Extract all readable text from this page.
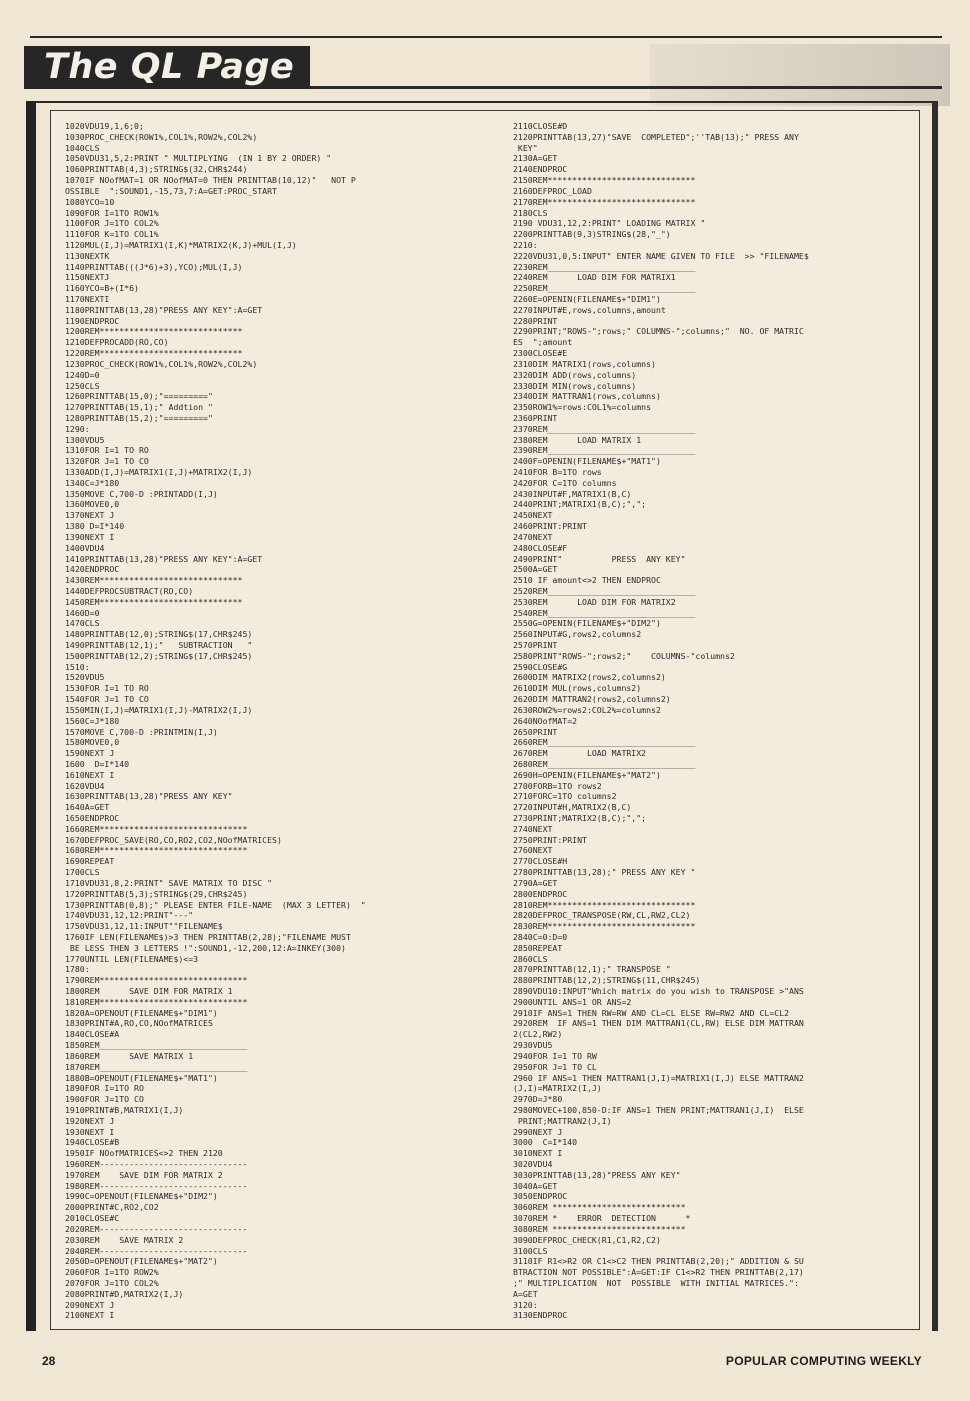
The QL Page
1020VDU19,1,6;0;
1030PROC_CHECK(ROW1%,COL1%,ROW2%,COL2%)
1040CLS
1050VDU31,5,2:PRINT " MULTIPLYING  (IN 1 BY 2 ORDER) "
1060PRINTTAB(4,3);STRING$(32,CHR$244)
1070IF NOofMAT=1 OR NOofMAT=0 THEN PRINTTAB(10,12)"   NOT P
OSSIBLE  ":SOUND1,-15,73,7:A=GET:PROC_START
1080YCO=10
1090FOR I=1TO ROW1%
1100FOR J=1TO COL2%
1110FOR K=1TO COL1%
1120MUL(I,J)=MATRIX1(I,K)*MATRIX2(K,J)+MUL(I,J)
1130NEXTK
1140PRINTTAB(((J*6)+3),YCO);MUL(I,J)
1150NEXTJ
1160YCO=B+(I*6)
1170NEXTI
1180PRINTTAB(13,28)"PRESS ANY KEY":A=GET
1190ENDPROC
1200REM*****************************
1210DEFPROCADD(RO,CO)
1220REM*****************************
1230PROC_CHECK(ROW1%,COL1%,ROW2%,COL2%)
1240D=0
1250CLS
1260PRINTTAB(15,0);"========="
1270PRINTTAB(15,1);" Addtion "
1280PRINTTAB(15,2);"========="
1290:
1300VDU5
1310FOR I=1 TO RO
1320FOR J=1 TO CO
1330ADD(I,J)=MATRIX1(I,J)+MATRIX2(I,J)
1340C=J*180
1350MOVE C,700-D :PRINTADD(I,J)
1360MOVE0,0
1370NEXT J
1380 D=I*140
1390NEXT I
1400VDU4
1410PRINTTAB(13,28)"PRESS ANY KEY":A=GET
1420ENDPROC
1430REM*****************************
1440DEFPROCSUBTRACT(RO,CO)
1450REM*****************************
1460D=0
1470CLS
1480PRINTTAB(12,0);STRING$(17,CHR$245)
1490PRINTTAB(12,1);"   SUBTRACTION   "
1500PRINTTAB(12,2);STRING$(17,CHR$245)
1510:
1520VDU5
1530FOR I=1 TO RO
1540FOR J=1 TO CO
1550MIN(I,J)=MATRIX1(I,J)-MATRIX2(I,J)
1560C=J*180
1570MOVE C,700-D :PRINTMIN(I,J)
1580MOVE0,0
1590NEXT J
1600  D=I*140
1610NEXT I
1620VDU4
1630PRINTTAB(13,28)"PRESS ANY KEY"
1640A=GET
1650ENDPROC
1660REM******************************
1670DEFPROC_SAVE(RO,CO,RO2,CO2,NOofMATRICES)
1680REM******************************
1690REPEAT
1700CLS
1710VDU31,8,2:PRINT" SAVE MATRIX TO DISC "
1720PRINTTAB(5,3);STRING$(29,CHR$245)
1730PRINTTAB(0,8);" PLEASE ENTER FILE-NAME  (MAX 3 LETTER)  "
1740VDU31,12,12:PRINT"---"
1750VDU31,12,11:INPUT""FILENAME$
1760IF LEN(FILENAME$)>3 THEN PRINTTAB(2,28);"FILENAME MUST
BE LESS THEN 3 LETTERS !":SOUND1,-12,200,12:A=INKEY(300)
1770UNTIL LEN(FILENAME$)<=3
1780:
1790REM******************************
1800REM      SAVE DIM FOR MATRIX 1
1810REM******************************
1820A=OPENOUT(FILENAME$+"DIM1")
1830PRINT#A,RO,CO,NOofMATRICES
1840CLOSE#A
1850REM______________________________
1860REM      SAVE MATRIX 1
1870REM______________________________
1880B=OPENOUT(FILENAME$+"MAT1")
1890FOR I=1TO RO
1900FOR J=1TO CO
1910PRINT#B,MATRIX1(I,J)
1920NEXT J
1930NEXT I
1940CLOSE#B
1950IF NOofMATRICES<>2 THEN 2120
1960REM------------------------------
1970REM    SAVE DIM FOR MATRIX 2
1980REM------------------------------
1990C=OPENOUT(FILENAME$+"DIM2")
2000PRINT#C,RO2,CO2
2010CLOSE#C
2020REM------------------------------
2030REM    SAVE MATRIX 2
2040REM------------------------------
2050D=OPENOUT(FILENAME$+"MAT2")
2060FOR I=1TO ROW2%
2070FOR J=1TO COL2%
2080PRINT#D,MATRIX2(I,J)
2090NEXT J
2100NEXT I
2110CLOSE#D
2120PRINTTAB(13,27)"SAVE  COMPLETED";''TAB(13);" PRESS ANY
KEY"
2130A=GET
2140ENDPROC
2150REM******************************
2160DEFPROC_LOAD
2170REM******************************
2180CLS
2190 VDU31,12,2:PRINT" LOADING MATRIX "
2200PRINTTAB(9,3)STRING$(28,"_")
2210:
2220VDU31,0,5:INPUT" ENTER NAME GIVEN TO FILE  >> "FILENAME$
2230REM______________________________
2240REM      LOAD DIM FOR MATRIX1
2250REM______________________________
2260E=OPENIN(FILENAME$+"DIM1")
2270INPUT#E,rows,columns,amount
2280PRINT
2290PRINT;"ROWS-";rows;" COLUMNS-";columns;"  NO. OF MATRIC
ES  ";amount
2300CLOSE#E
2310DIM MATRIX1(rows,columns)
2320DIM ADD(rows,columns)
2330DIM MIN(rows,columns)
2340DIM MATTRAN1(rows,columns)
2350ROW1%=rows:COL1%=columns
2360PRINT
2370REM______________________________
2380REM      LOAD MATRIX 1
2390REM______________________________
2400F=OPENIN(FILENAME$+"MAT1")
2410FOR B=1TO rows
2420FOR C=1TO columns
2430INPUT#F,MATRIX1(B,C)
2440PRINT;MATRIX1(B,C);",";
2450NEXT
2460PRINT:PRINT
2470NEXT
2480CLOSE#F
2490PRINT"          PRESS  ANY KEY"
2500A=GET
2510 IF amount<>2 THEN ENDPROC
2520REM______________________________
2530REM      LOAD DIM FOR MATRIX2
2540REM______________________________
2550G=OPENIN(FILENAME$+"DIM2")
2560INPUT#G,rows2,columns2
2570PRINT
2580PRINT"ROWS-";rows2;"    COLUMNS-"columns2
2590CLOSE#G
2600DIM MATRIX2(rows2,columns2)
2610DIM MUL(rows,columns2)
2620DIM MATTRAN2(rows2,columns2)
2630ROW2%=rows2:COL2%=columns2
2640NOofMAT=2
2650PRINT
2660REM______________________________
2670REM        LOAD MATRIX2
2680REM______________________________
2690H=OPENIN(FILENAME$+"MAT2")
2700FORB=1TO rows2
2710FORC=1TO columns2
2720INPUT#H,MATRIX2(B,C)
2730PRINT;MATRIX2(B,C);",";
2740NEXT
2750PRINT:PRINT
2760NEXT
2770CLOSE#H
2780PRINTTAB(13,28);" PRESS ANY KEY "
2790A=GET
2800ENDPROC
2810REM******************************
2820DEFPROC_TRANSPOSE(RW,CL,RW2,CL2)
2830REM******************************
2840C=0:D=0
2850REPEAT
2860CLS
2870PRINTTAB(12,1);" TRANSPOSE "
2880PRINTTAB(12,2);STRING$(11,CHR$245)
2890VDU10:INPUT"Which matrix do you wish to TRANSPOSE >"ANS
2900UNTIL ANS=1 OR ANS=2
2910IF ANS=1 THEN RW=RW AND CL=CL ELSE RW=RW2 AND CL=CL2
2920REM  IF ANS=1 THEN DIM MATTRAN1(CL,RW) ELSE DIM MATTRAN
2(CL2,RW2)
2930VDU5
2940FOR I=1 TO RW
2950FOR J=1 TO CL
2960 IF ANS=1 THEN MATTRAN1(J,I)=MATRIX1(I,J) ELSE MATTRAN2
(J,I)=MATRIX2(I,J)
2970D=J*80
2980MOVEC+100,850-D:IF ANS=1 THEN PRINT;MATTRAN1(J,I)  ELSE
PRINT;MATTRAN2(J,I)
2990NEXT J
3000  C=I*140
3010NEXT I
3020VDU4
3030PRINTTAB(13,28)"PRESS ANY KEY"
3040A=GET
3050ENDPROC
3060REM ***************************
3070REM *    ERROR  DETECTION      *
3080REM ***************************
3090DEFPROC_CHECK(R1,C1,R2,C2)
3100CLS
3110IF R1<>R2 OR C1<>C2 THEN PRINTTAB(2,20);" ADDITION & SU
BTRACTION NOT POSSIBLE":A=GET:IF C1<>R2 THEN PRINTTAB(2,17)
;" MULTIPLICATION  NOT  POSSIBLE  WITH INITIAL MATRICES.":
A=GET
3120:
3130ENDPROC
28	POPULAR COMPUTING WEEKLY
